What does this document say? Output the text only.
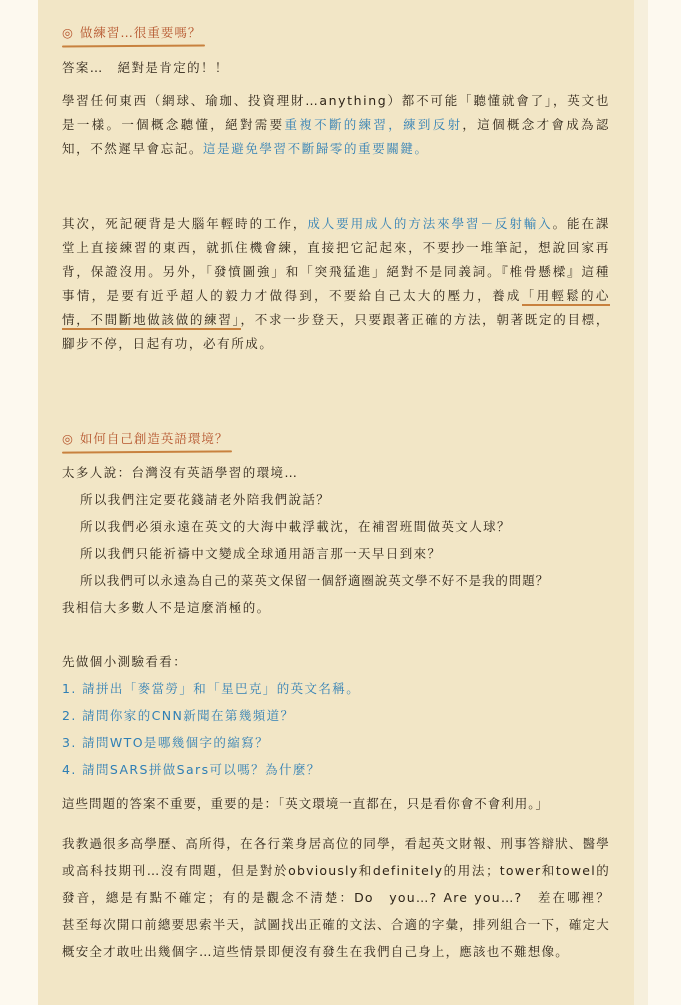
◎ 做練習…很重要嗎？
答案…　絕對是肯定的！！

學習任何東西（網球、瑜珈、投資理財…anything）都不可能「聽懂就會了」，英文也是一樣。一個概念聽懂，絕對需要重複不斷的練習，練到反射，這個概念才會成為認知，不然遲早會忘記。這是避免學習不斷歸零的重要關鍵。

其次，死記硬背是大腦年輕時的工作，成人要用成人的方法來學習－反射輸入。能在課堂上直接練習的東西，就抓住機會練，直接把它記起來，不要抄一堆筆記，想說回家再背，保證沒用。另外，「發憤圖強」和「突飛猛進」絕對不是同義詞。『椎骨懸樑』這種事情，是要有近乎超人的毅力才做得到，不要給自己太大的壓力，養成「用輕鬆的心情，不間斷地做該做的練習」，不求一步登天，只要跟著正確的方法，朝著既定的目標，腳步不停，日起有功，必有所成。

◎ 如何自己創造英語環境？
太多人說：台灣沒有英語學習的環境…
所以我們注定要花錢請老外陪我們說話？
所以我們必須永遠在英文的大海中載浮載沈，在補習班間做英文人球？
所以我們只能祈禱中文變成全球通用語言那一天早日到來？
所以我們可以永遠為自己的菜英文保留一個舒適圈說英文學不好不是我的問題？
我相信大多數人不是這麼消極的。
先做個小測驗看看：
1. 請拼出「麥當勞」和「星巴克」的英文名稱。
2. 請問你家的CNN新聞在第幾頻道？
3. 請問WTO是哪幾個字的縮寫？
4. 請問SARS拼做Sars可以嗎？為什麼？
這些問題的答案不重要，重要的是：「英文環境一直都在，只是看你會不會利用。」

我教過很多高學歷、高所得，在各行業身居高位的同學，看起英文財報、刑事答辯狀、醫學或高科技期刊…沒有問題，但是對於obviously和definitely的用法；tower和towel的發音，總是有點不確定；有的是觀念不清楚：Do　you…? Are you…?　差在哪裡？　甚至每次開口前總要思索半天，試圖找出正確的文法、合適的字彙，排列組合一下，確定大概安全才敢吐出幾個字…這些情景即便沒有發生在我們自己身上，應該也不難想像。
